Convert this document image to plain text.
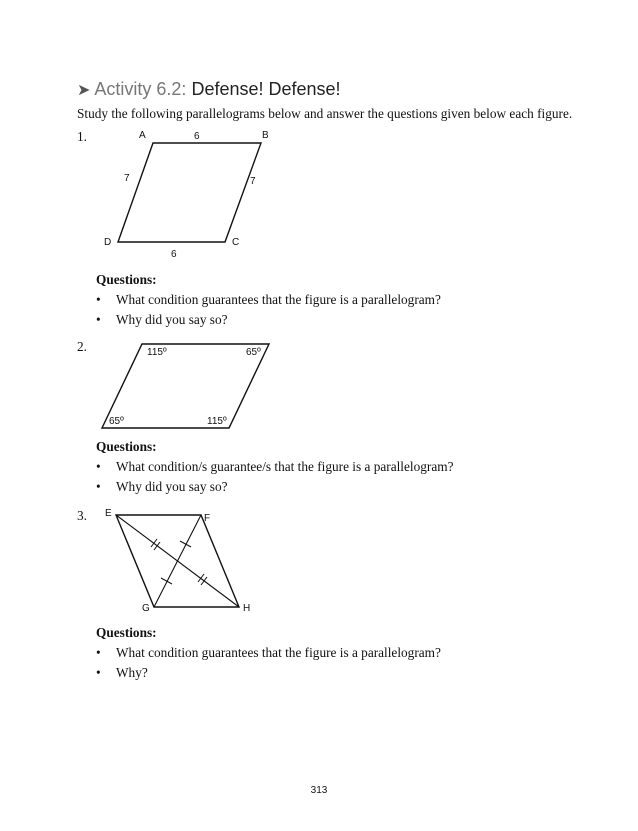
➤ Activity 6.2: Defense! Defense!
Study the following parallelograms below and answer the questions given below each figure.
1.	A	B
C
D
6
6
7	7
115º	65º
65º	115º
E	F
G	H
Questions:
• What condition guarantees that the figure is a parallelogram?
• Why did you say so?
2.
Questions:
• What condition/s guarantee/s that the figure is a parallelogram?
• Why did you say so?
3.
Questions:
• What condition guarantees that the figure is a parallelogram?
• Why?
313
